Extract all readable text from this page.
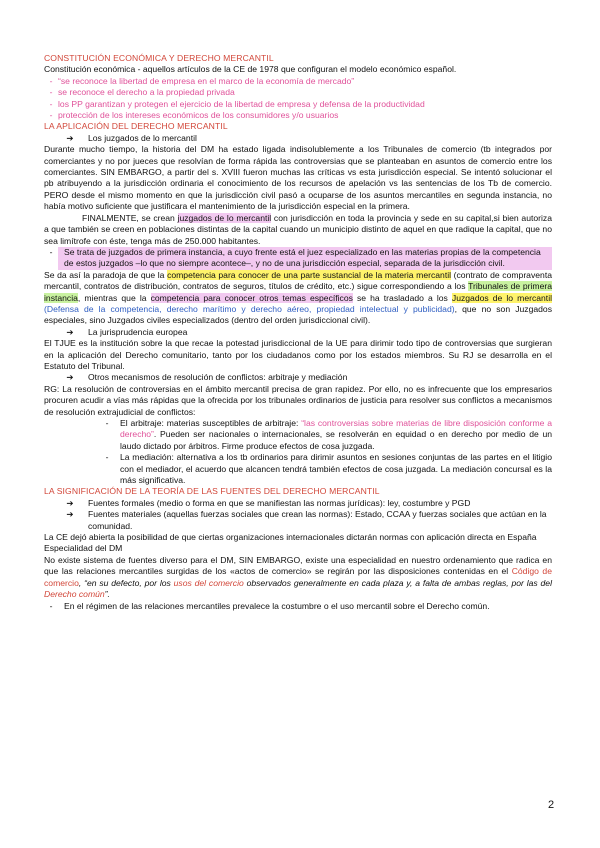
CONSTITUCIÓN ECONÓMICA Y DERECHO MERCANTIL

Constitución económica - aquellos artículos de la CE de 1978 que configuran el modelo económico español.

- “se reconoce la libertad de empresa en el marco de la economía de mercado”
- se reconoce el derecho a la propiedad privada
- los PP garantizan y protegen el ejercicio de la libertad de empresa y defensa de la productividad
- protección de los intereses económicos de los consumidores y/o usuarios

LA APLICACIÓN DEL DERECHO MERCANTIL

➔	Los juzgados de lo mercantil

Durante mucho tiempo, la historia del DM ha estado ligada indisolublemente a los Tribunales de comercio (tb integrados por comerciantes y no por jueces que resolvían de forma rápida las controversias que se planteaban en asuntos de comercio entre los comerciantes. SIN EMBARGO, a partir del s. XVIII fueron muchas las críticas vs esta jurisdicción especial. Se intentó solucionar el pb atribuyendo a la jurisdicción ordinaria el conocimiento de los recursos de apelación vs las sentencias de los Tb de comercio. PERO desde el mismo momento en que la jurisdicción civil pasó a ocuparse de los asuntos mercantiles en segunda instancia, no había motivo suficiente que justificara el mantenimiento de la jurisdicción especial en la primera.

FINALMENTE, se crean juzgados de lo mercantil con jurisdicción en toda la provincia y sede en su capital,si bien autoriza a que también se creen en poblaciones distintas de la capital cuando un municipio distinto de aquel en que radique la capital, que no sea limítrofe con éste, tenga más de 250.000 habitantes.

-	Se trata de juzgados de primera instancia, a cuyo frente está el juez especializado en las materias propias de la competencia de estos juzgados –lo que no siempre acontece–, y no de una jurisdicción especial, separada de la jurisdicción civil.

Se da así la paradoja de que la competencia para conocer de una parte sustancial de la materia mercantil (contrato de compraventa mercantil, contratos de distribución, contratos de seguros, títulos de crédito, etc.) sigue correspondiendo a los Tribunales de primera instancia, mientras que la competencia para conocer otros temas específicos se ha trasladado a los Juzgados de lo mercantil (Defensa de la competencia, derecho marítimo y derecho aéreo, propiedad intelectual y publicidad), que no son Juzgados especiales, sino Juzgados civiles especializados (dentro del orden jurisdiccional civil).

➔	La jurisprudencia europea

El TJUE es la institución sobre la que recae la potestad jurisdiccional de la UE para dirimir todo tipo de controversias que surgieran en la aplicación del Derecho comunitario, tanto por los ciudadanos como por los estados miembros. Su RJ se desarrolla en el Estatuto del Tribunal.

➔	Otros mecanismos de resolución de conflictos: arbitraje y mediación

RG: La resolución de controversias en el ámbito mercantil precisa de gran rapidez. Por ello, no es infrecuente que los empresarios procuren acudir a vías más rápidas que la ofrecida por los tribunales ordinarios de justicia para resolver sus conflictos a mecanismos de resolución extrajudicial de conflictos:

-	El arbitraje: materias susceptibles de arbitraje: “las controversias sobre materias de libre disposición conforme a derecho”. Pueden ser nacionales o internacionales, se resolverán en equidad o en derecho por medio de un laudo dictado por árbitros. Firme produce efectos de cosa juzgada.

-	La mediación: alternativa a los tb ordinarios para dirimir asuntos en sesiones conjuntas de las partes en el litigio con el mediador, el acuerdo que alcancen tendrá también efectos de cosa juzgada. La mediación concursal es la más significativa.

LA SIGNIFICACIÓN DE LA TEORÍA DE LAS FUENTES DEL DERECHO MERCANTIL

➔	Fuentes formales (medio o forma en que se manifiestan las normas jurídicas): ley, costumbre y PGD
➔	Fuentes materiales (aquellas fuerzas sociales que crean las normas): Estado, CCAA y fuerzas sociales que actúan en la comunidad.

La CE dejó abierta la posibilidad de que ciertas organizaciones internacionales dictarán normas con aplicación directa en España

Especialidad del DM

No existe sistema de fuentes diverso para el DM, SIN EMBARGO, existe una especialidad en nuestro ordenamiento que radica en que las relaciones mercantiles surgidas de los «actos de comercio» se regirán por las disposiciones contenidas en el Código de comercio, “en su defecto, por los usos del comercio observados generalmente en cada plaza y, a falta de ambas reglas, por las del Derecho común”.

-	En el régimen de las relaciones mercantiles prevalece la costumbre o el uso mercantil sobre el Derecho común.
2
